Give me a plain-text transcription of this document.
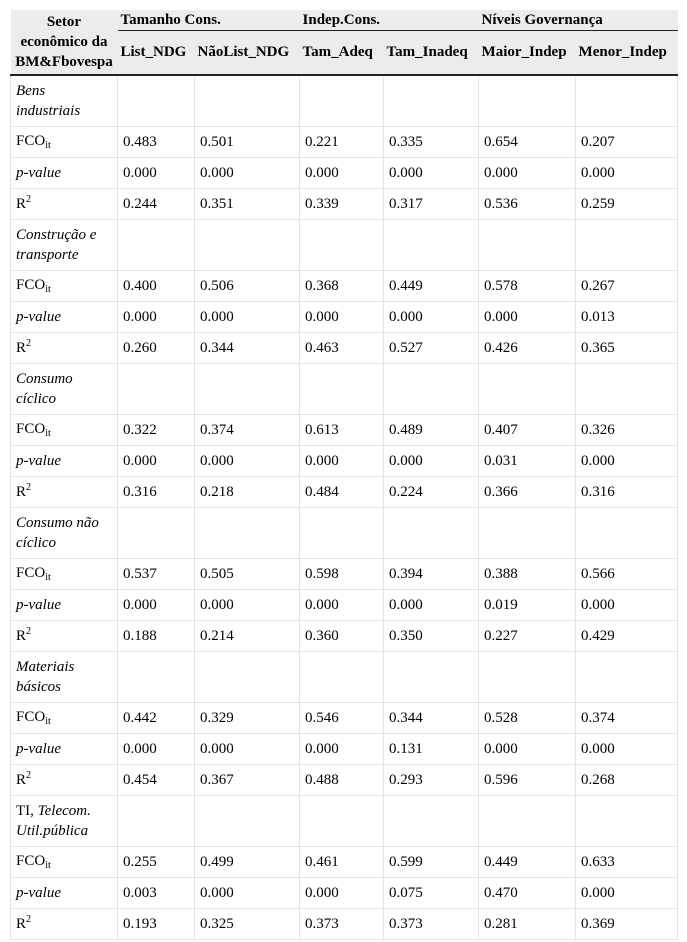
Setor econômico da BM&Fbovespa	Tamanho Cons.		Indep.Cons.		Níveis Governança	
	List_NDG	NãoList_NDG	Tam_Adeq	Tam_Inadeq	Maior_Indep	Menor_Indep
Bens industriais						
$FCO_{it}$	0.483	0.501	0.221	0.335	0.654	0.207
p-value	0.000	0.000	0.000	0.000	0.000	0.000
$R^2$	0.244	0.351	0.339	0.317	0.536	0.259
Construção e transporte						
$FCO_{it}$	0.400	0.506	0.368	0.449	0.578	0.267
p-value	0.000	0.000	0.000	0.000	0.000	0.013
$R^2$	0.260	0.344	0.463	0.527	0.426	0.365
Consumo cíclico						
$FCO_{it}$	0.322	0.374	0.613	0.489	0.407	0.326
p-value	0.000	0.000	0.000	0.000	0.031	0.000
$R^2$	0.316	0.218	0.484	0.224	0.366	0.316
Consumo não cíclico						
$FCO_{it}$	0.537	0.505	0.598	0.394	0.388	0.566
p-value	0.000	0.000	0.000	0.000	0.019	0.000
$R^2$	0.188	0.214	0.360	0.350	0.227	0.429
Materiais básicos						
$FCO_{it}$	0.442	0.329	0.546	0.344	0.528	0.374
p-value	0.000	0.000	0.000	0.131	0.000	0.000
$R^2$	0.454	0.367	0.488	0.293	0.596	0.268
TI, Telecom. Util.pública						
$FCO_{it}$	0.255	0.499	0.461	0.599	0.449	0.633
p-value	0.003	0.000	0.000	0.075	0.470	0.000
$R^2$	0.193	0.325	0.373	0.373	0.281	0.369
